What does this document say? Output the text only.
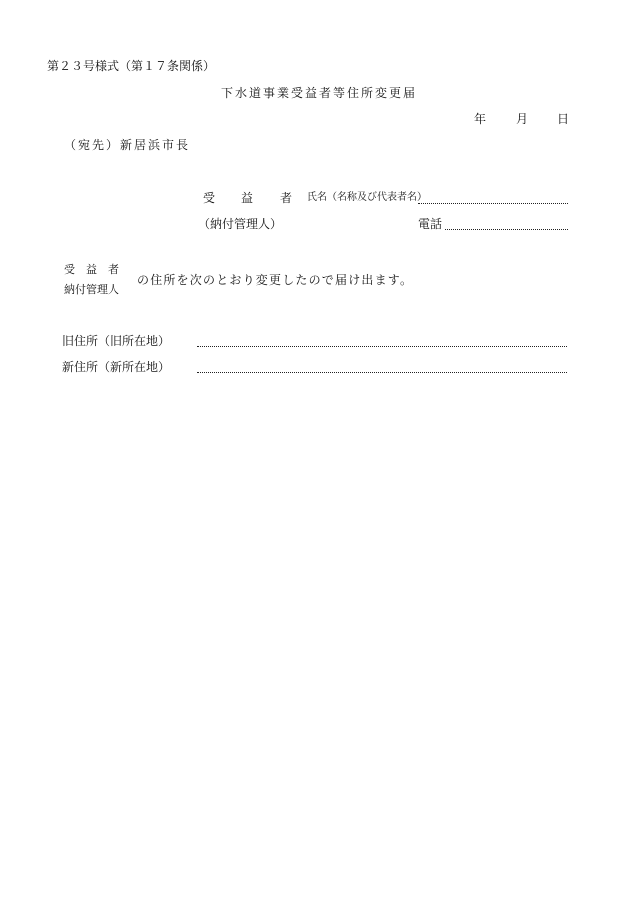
第２３号様式（第１７条関係）
下水道事業受益者等住所変更届
年 月 日
（宛先）新居浜市長
受 益 者 氏名（名称及び代表者名）
（納付管理人）	電話
受　益　者
納付管理人
の住所を次のとおり変更したので届け出ます。
旧住所（旧所在地）
新住所（新所在地）
